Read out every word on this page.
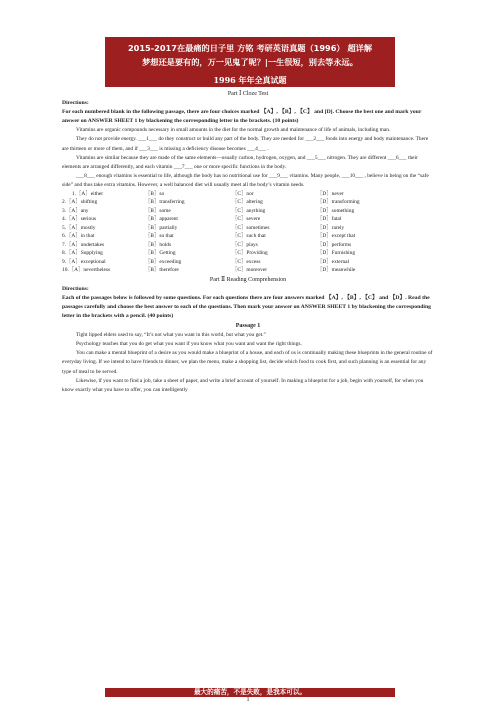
2015-2017在最痛的日子里 方铭 考研英语真题（1996） 超详解
梦想还是要有的，万一见鬼了呢？|一生很短，别去等永远。
1996 年年全真试题
Part Ⅰ Cloze Test

Directions:

For each numbered blank in the following passage, there are four choices marked 【A】, 【B】, 【C】 and [D]. Choose the best one and mark your answer on ANSWER SHEET 1 by blackening the corresponding letter in the brackets. (10 points)

Vitamins are organic compounds necessary in small amounts in the diet for the normal growth and maintenance of life of animals, including man.

They do not provide energy. ___1___ do they construct or build any part of the body. They are needed for ___2___ foods into energy and body maintenance. There are thirteen or more of them, and if ___3___ is missing a deficiency disease becomes ___4___ .

Vitamins are similar because they are made of the same elements—usually carbon, hydrogen, oxygen, and ___5___ nitrogen. They are different ___6___ their elements are arranged differently, and each vitamin ___7___ one or more specific functions in the body.

___8___ enough vitamins is essential to life, although the body has no nutritional use for ___9___ vitamins. Many people, ___10___ , believe in being on the “safe side” and thus take extra vitamins. However, a well balanced diet will usually meet all the body’s vitamin needs.

1.［A］either	［B］so	［C］nor	［D］never
2.［A］shifting	［B］transferring	［C］altering	［D］transforming
3.［A］any	［B］some	［C］anything	［D］something
4.［A］serious	［B］apparent	［C］severe	［D］fatal
5.［A］mostly	［B］partially	［C］sometimes	［D］rarely
6.［A］in that	［B］so that	［C］such that	［D］except that
7.［A］undertakes	［B］holds	［C］plays	［D］performs
8.［A］Supplying	［B］Getting	［C］Providing	［D］Furnishing
9.［A］exceptional	［B］exceeding	［C］excess	［D］external
10.［A］nevertheless	［B］therefore	［C］moreover	［D］meanwhile
Part Ⅱ Reading Comprehension

Directions:

Each of the passages below is followed by some questions. For each questions there are four answers marked 【A】, 【B】, 【C】 and 【D】. Read the passages carefully and choose the best answer to each of the questions. Then mark your answer on ANSWER SHEET 1 by blackening the corresponding letter in the brackets with a pencil. (40 points)

Passage 1

Tight lipped elders used to say, “It’s not what you want in this world, but what you get.”

Psychology teaches that you do get what you want if you know what you want and want the right things.

You can make a mental blueprint of a desire as you would make a blueprint of a house, and each of us is continually making these blueprints in the general routine of everyday living. If we intend to have friends to dinner, we plan the menu, make a shopping list, decide which food to cook first, and such planning is an essential for any type of meal to be served.

Likewise, if you want to find a job, take a sheet of paper, and write a brief account of yourself. In making a blueprint for a job, begin with yourself, for when you know exactly what you have to offer, you can intelligently

最大的痛苦，不是失败，是我本可以。
1
